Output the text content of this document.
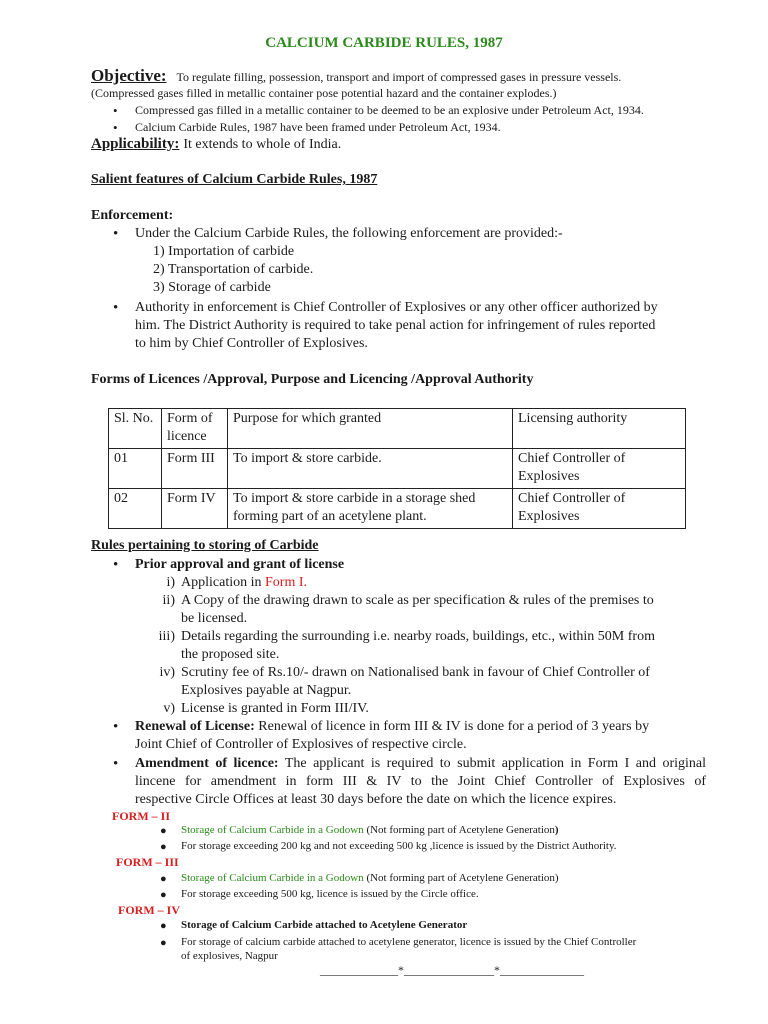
CALCIUM CARBIDE RULES, 1987
Objective: To regulate filling, possession, transport and import of compressed gases in pressure vessels.
(Compressed gases filled in metallic container pose potential hazard and the container explodes.)
• Compressed gas filled in a metallic container to be deemed to be an explosive under Petroleum Act, 1934.
• Calcium Carbide Rules, 1987 have been framed under Petroleum Act, 1934.
Applicability: It extends to whole of India.
Salient features of Calcium Carbide Rules, 1987
Enforcement:
• Under the Calcium Carbide Rules, the following enforcement are provided:-
1) Importation of carbide
2) Transportation of carbide.
3) Storage of carbide
• Authority in enforcement is Chief Controller of Explosives or any other officer authorized by
him. The District Authority is required to take penal action for infringement of rules reported
to him by Chief Controller of Explosives.
Forms of Licences /Approval, Purpose and Licencing /Approval Authority
Sl. No.	Form of licence	Purpose for which granted	Licensing authority
01	Form III	To import & store carbide.	Chief Controller of Explosives
02	Form IV	To import & store carbide in a storage shed forming part of an acetylene plant.	Chief Controller of Explosives
Rules pertaining to storing of Carbide
• Prior approval and grant of license
i) Application in Form I.
ii) A Copy of the drawing drawn to scale as per specification & rules of the premises to
be licensed.
iii) Details regarding the surrounding i.e. nearby roads, buildings, etc., within 50M from
the proposed site.
iv) Scrutiny fee of Rs.10/- drawn on Nationalised bank in favour of Chief Controller of
Explosives payable at Nagpur.
v) License is granted in Form III/IV.
• Renewal of License: Renewal of licence in form III & IV is done for a period of 3 years by
Joint Chief of Controller of Explosives of respective circle.
• Amendment of licence: The applicant is required to submit application in Form I and original
lincene for amendment in form III & IV to the Joint Chief Controller of Explosives of
respective Circle Offices at least 30 days before the date on which the licence expires.
FORM – II
● Storage of Calcium Carbide in a Godown (Not forming part of Acetylene Generation)
● For storage exceeding 200 kg and not exceeding 500 kg ,licence is issued by the District Authority.
FORM – III
● Storage of Calcium Carbide in a Godown (Not forming part of Acetylene Generation)
● For storage exceeding 500 kg, licence is issued by the Circle office.
FORM – IV
● Storage of Calcium Carbide attached to Acetylene Generator
● For storage of calcium carbide attached to acetylene generator, licence is issued by the Chief Controller
of explosives, Nagpur
_____________*_______________*______________
